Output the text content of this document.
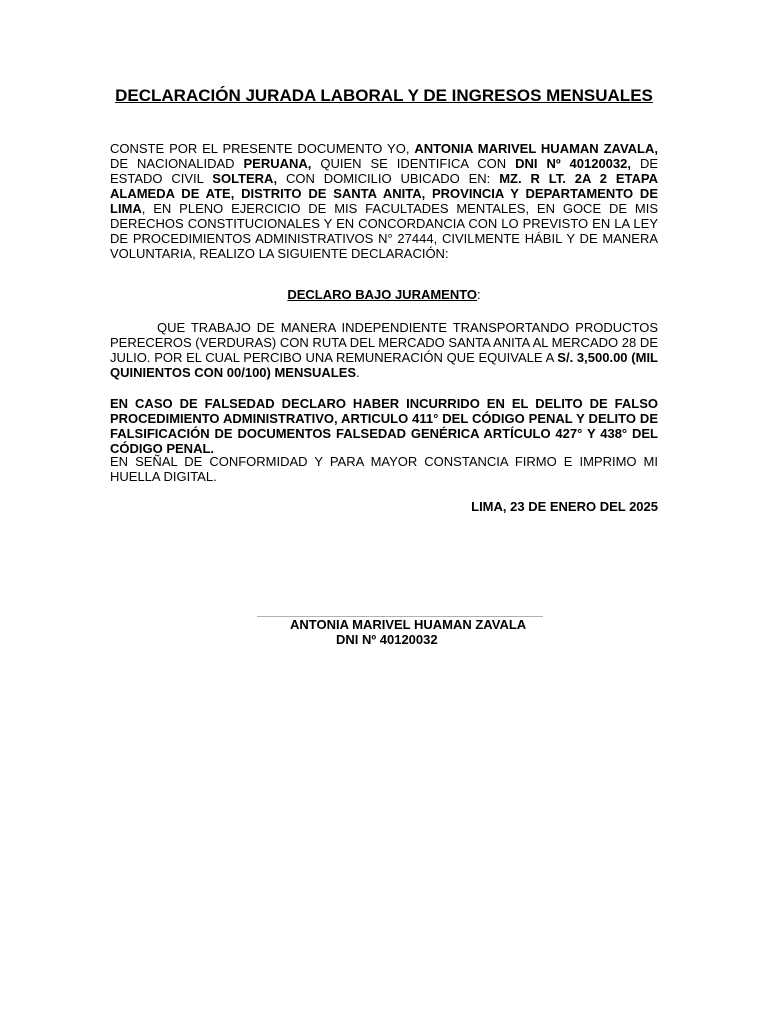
DECLARACIÓN JURADA LABORAL Y DE INGRESOS MENSUALES

CONSTE POR EL PRESENTE DOCUMENTO YO, ANTONIA MARIVEL HUAMAN ZAVALA, DE NACIONALIDAD PERUANA, QUIEN SE IDENTIFICA CON DNI Nº 40120032, DE ESTADO CIVIL SOLTERA, CON DOMICILIO UBICADO EN: MZ. R LT. 2A 2 ETAPA ALAMEDA DE ATE, DISTRITO DE SANTA ANITA, PROVINCIA Y DEPARTAMENTO DE LIMA, EN PLENO EJERCICIO DE MIS FACULTADES MENTALES, EN GOCE DE MIS DERECHOS CONSTITUCIONALES Y EN CONCORDANCIA CON LO PREVISTO EN LA LEY DE PROCEDIMIENTOS ADMINISTRATIVOS N° 27444, CIVILMENTE HÁBIL Y DE MANERA VOLUNTARIA, REALIZO LA SIGUIENTE DECLARACIÓN:

DECLARO BAJO JURAMENTO:

QUE TRABAJO DE MANERA INDEPENDIENTE TRANSPORTANDO PRODUCTOS PERECEROS (VERDURAS) CON RUTA DEL MERCADO SANTA ANITA AL MERCADO 28 DE JULIO. POR EL CUAL PERCIBO UNA REMUNERACIÓN QUE EQUIVALE A S/. 3,500.00 (MIL QUINIENTOS CON 00/100) MENSUALES.

EN CASO DE FALSEDAD DECLARO HABER INCURRIDO EN EL DELITO DE FALSO PROCEDIMIENTO ADMINISTRATIVO, ARTICULO 411° DEL CÓDIGO PENAL Y DELITO DE FALSIFICACIÓN DE DOCUMENTOS FALSEDAD GENÉRICA ARTÍCULO 427° Y 438° DEL CÓDIGO PENAL.

EN SEÑAL DE CONFORMIDAD Y PARA MAYOR CONSTANCIA FIRMO E IMPRIMO MI HUELLA DIGITAL.

LIMA, 23 DE ENERO DEL 2025

ANTONIA MARIVEL HUAMAN ZAVALA
DNI Nº 40120032
